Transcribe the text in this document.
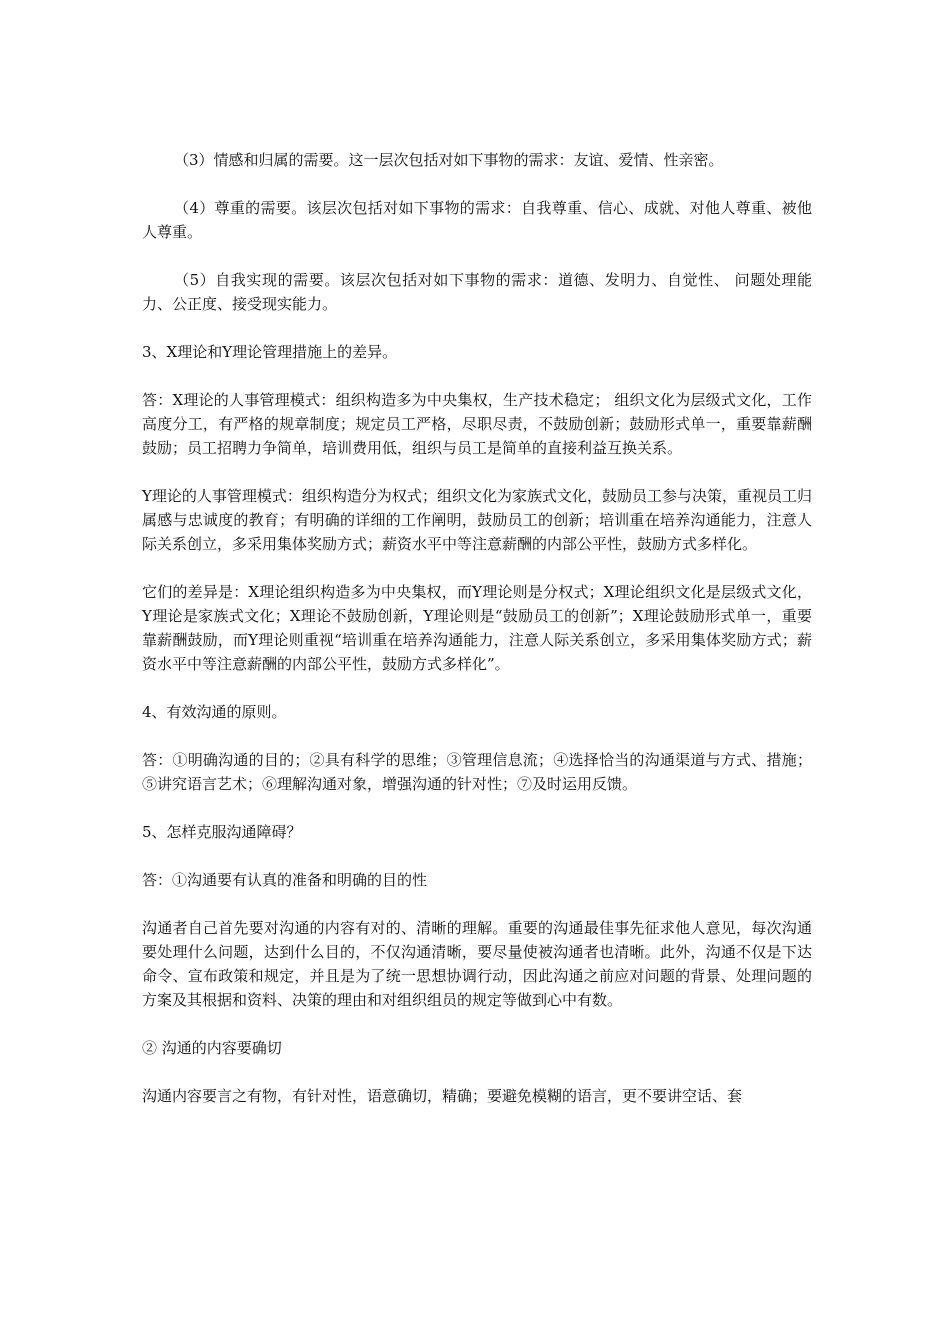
（3）情感和归属的需要。这一层次包括对如下事物的需求：友谊、爱情、性亲密。

（4）尊重的需要。该层次包括对如下事物的需求：自我尊重、信心、成就、对他人尊重、被他人尊重。

（5）自我实现的需要。该层次包括对如下事物的需求：道德、发明力、自觉性、 问题处理能力、公正度、接受现实能力。

3、X理论和Y理论管理措施上的差异。

答：X理论的人事管理模式：组织构造多为中央集权，生产技术稳定； 组织文化为层级式文化，工作高度分工，有严格的规章制度；规定员工严格，尽职尽责，不鼓励创新；鼓励形式单一，重要靠薪酬鼓励；员工招聘力争简单，培训费用低，组织与员工是简单的直接利益互换关系。

Y理论的人事管理模式：组织构造分为权式；组织文化为家族式文化，鼓励员工参与决策，重视员工归属感与忠诚度的教育；有明确的详细的工作阐明，鼓励员工的创新；培训重在培养沟通能力，注意人际关系创立，多采用集体奖励方式；薪资水平中等注意薪酬的内部公平性，鼓励方式多样化。

它们的差异是：X理论组织构造多为中央集权，而Y理论则是分权式；X理论组织文化是层级式文化，Y理论是家族式文化；X理论不鼓励创新，Y理论则是“鼓励员工的创新”；X理论鼓励形式单一，重要靠薪酬鼓励，而Y理论则重视“培训重在培养沟通能力，注意人际关系创立，多采用集体奖励方式；薪资水平中等注意薪酬的内部公平性，鼓励方式多样化”。

4、有效沟通的原则。

答：①明确沟通的目的；②具有科学的思维；③管理信息流；④选择恰当的沟通渠道与方式、措施；⑤讲究语言艺术；⑥理解沟通对象，增强沟通的针对性；⑦及时运用反馈。

5、怎样克服沟通障碍？

答：①沟通要有认真的准备和明确的目的性

沟通者自己首先要对沟通的内容有对的、清晰的理解。重要的沟通最佳事先征求他人意见，每次沟通要处理什么问题，达到什么目的，不仅沟通清晰，要尽量使被沟通者也清晰。此外，沟通不仅是下达命令、宣布政策和规定，并且是为了统一思想协调行动，因此沟通之前应对问题的背景、处理问题的方案及其根据和资料、决策的理由和对组织组员的规定等做到心中有数。

② 沟通的内容要确切

沟通内容要言之有物，有针对性，语意确切，精确；要避免模糊的语言，更不要讲空话、套
